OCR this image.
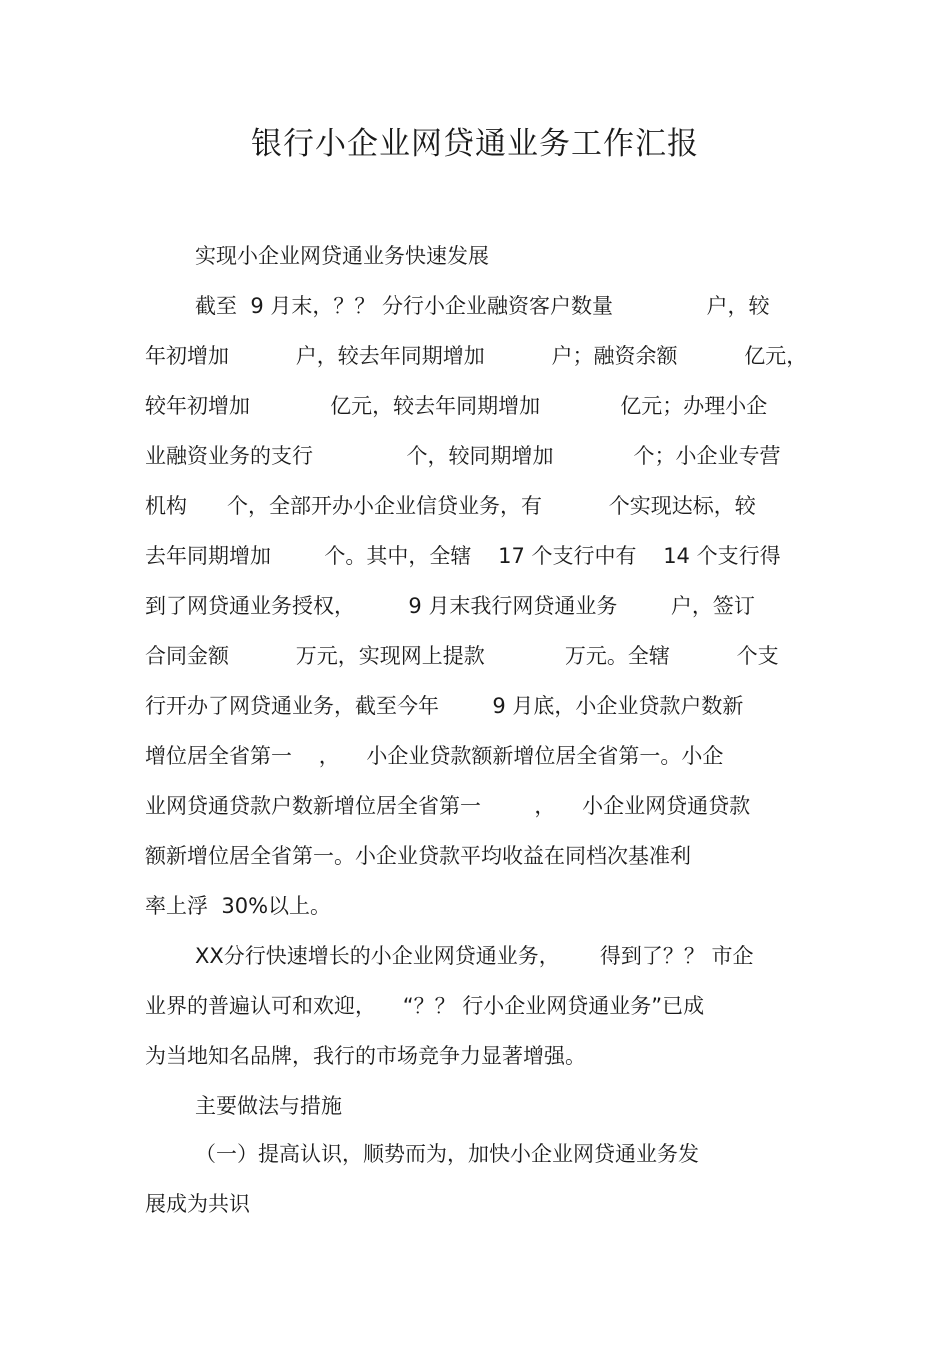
银行小企业网贷通业务工作汇报
实现小企业网贷通业务快速发展
截至  9 月末，？？ 分行小企业融资客户数量              户，较
年初增加          户，较去年同期增加          户；融资余额          亿元，
较年初增加            亿元，较去年同期增加            亿元；办理小企
业融资业务的支行              个，较同期增加            个；小企业专营
机构      个，全部开办小企业信贷业务，有          个实现达标，较
去年同期增加        个。其中，全辖    17 个支行中有    14 个支行得
到了网贷通业务授权，        9 月末我行网贷通业务        户，签订
合同金额          万元，实现网上提款            万元。全辖          个支
行开办了网贷通业务，截至今年        9 月底，小企业贷款户数新
增位居全省第一    ，    小企业贷款额新增位居全省第一。小企
业网贷通贷款户数新增位居全省第一        ，    小企业网贷通贷款
额新增位居全省第一。小企业贷款平均收益在同档次基准利
率上浮  30%以上。
XX分行快速增长的小企业网贷通业务，      得到了？？ 市企
业界的普遍认可和欢迎，    “？？ 行小企业网贷通业务”已成
为当地知名品牌，我行的市场竞争力显著增强。
主要做法与措施
（一）提高认识，顺势而为，加快小企业网贷通业务发
展成为共识
